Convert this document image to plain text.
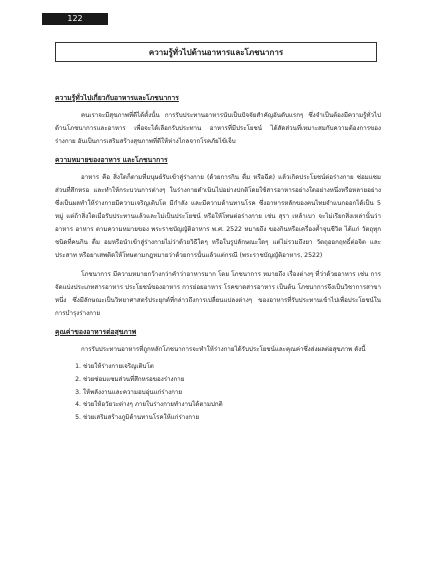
122
ความรู้ทั่วไปด้านอาหารและโภชนาการ
ความรู้ทั่วไปเกี่ยวกับอาหารและโภชนาการ

คนเราจะมีสุขภาพที่ดีได้ตั้งนั้น การรับประทานอาหารนับเป็นปัจจัยสำคัญอันดับแรกๆ ซึ่งจำเป็นต้องมีความรู้ทั่วไปด้านโภชนาการและอาหาร เพื่อจะได้เลือกรับประทาน อาหารที่มีประโยชน์ ได้สัดส่วนที่เหมาะสมกับความต้องการของร่างกาย อันเป็นการเสริมสร้างสุขภาพที่ดีให้ห่างไกลจากโรคภัยไข้เจ็บ

ความหมายของอาหาร และโภชนาการ

อาหาร คือ สิ่งใดก็ตามที่มนุษย์รับเข้าสู่ร่างกาย (ด้วยการกิน ดื่ม หรือฉีด) แล้วเกิดประโยชน์ต่อร่างกาย ซ่อมแซมส่วนที่สึกหรอ และทำให้กระบวนการต่างๆ ในร่างกายดำเนินไปอย่างปกติโดยใช้สารอาหารอย่างใดอย่างหนึ่งหรือหลายอย่าง ซึ่งเป็นผลทำให้ร่างกายมีความเจริญเติบโต มีกำลัง และมีความต้านทานโรค ซึ่งอาหารหลักของคนไทยจำแนกออกได้เป็น 5 หมู่ แต่ถ้าสิ่งใดเมื่อรับประทานแล้วและไม่เป็นประโยชน์ หรือให้โทษต่อร่างกาย เช่น สุรา เหล้าเบา จะไม่เรียกสิ่งเหล่านั้นว่าอาหาร อาหาร ตามความหมายของ พระราชบัญญัติอาหาร พ.ศ. 2522 หมายถึง ของกินหรือเครื่องค้ำจุนชีวิต ได้แก่ วัตถุทุกชนิดที่คนกิน ดื่ม อมหรือนำเข้าสู่ร่างกายไม่ว่าด้วยวิธีใดๆ หรือในรูปลักษณะใดๆ แต่ไม่รวมถึงยา วัตถุออกฤทธิ์ต่อจิต และประสาท หรือยาเสพติดให้โทษตามกฎหมายว่าด้วยการนั้นแล้วแต่กรณี (พระราชบัญญัติอาหาร, 2522)

โภชนาการ มีความหมายกว้างกว่าคำว่าอาหารมาก โดย โภชนาการ หมายถึง เรื่องต่างๆ ที่ว่าด้วยอาหาร เช่น การจัดแบ่งประเภทสารอาหาร ประโยชน์ของอาหาร การย่อยอาหาร โรคขาดสารอาหาร เป็นต้น โภชนาการจึงเป็นวิชาการสาขาหนึ่ง ซึ่งมีลักษณะเป็นวิทยาศาสตร์ประยุกต์ที่กล่าวถึงการเปลี่ยนแปลงต่างๆ ของอาหารที่รับประทานเข้าไปเพื่อประโยชน์ในการบำรุงร่างกาย

คุณค่าของอาหารต่อสุขภาพ

การรับประทานอาหารที่ถูกหลักโภชนาการจะทำให้ร่างกายได้รับประโยชน์และคุณค่าซึ่งส่งผลต่อสุขภาพ ดังนี้

1. ช่วยให้ร่างกายเจริญเติบโต
2. ช่วยซ่อมแซมส่วนที่สึกหรอของร่างกาย
3. ให้พลังงานและความอบอุ่นแก่ร่างกาย
4. ช่วยให้อวัยวะต่างๆ ภายในร่างกายทำงานได้ตามปกติ
5. ช่วยเสริมสร้างภูมิต้านทานโรคให้แก่ร่างกาย
